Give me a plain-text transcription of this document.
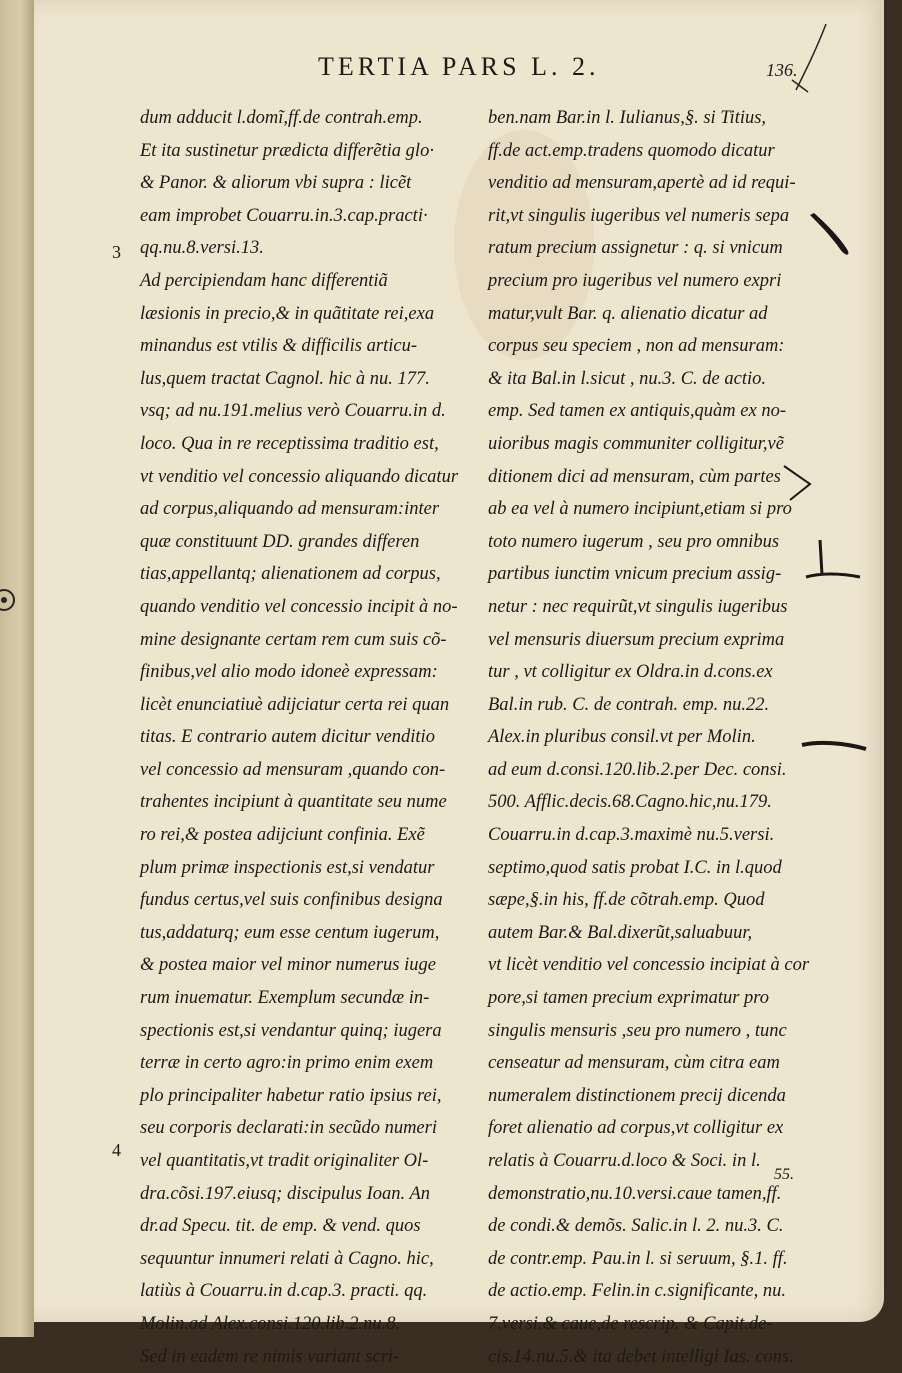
TERTIA PARS L. 2.	136.
dum adducit l.domĩ,ff.de contrah.emp.
Et ita sustinetur prædicta differẽtia glo·
& Panor. & aliorum vbi supra : licẽt
eam improbet Couarru.in.3.cap.practi·
qq.nu.8.versi.13.
Ad percipiendam hanc differentiã
læsionis in precio,& in quãtitate rei,exa
minandus est vtilis & difficilis articu-
lus,quem tractat Cagnol. hic à nu. 177.
vsq; ad nu.191.melius verò Couarru.in d.
loco. Qua in re receptissima traditio est,
vt venditio vel concessio aliquando dicatur
ad corpus,aliquando ad mensuram:inter
quæ constituunt DD. grandes differen
tias,appellantq; alienationem ad corpus,
quando venditio vel concessio incipit à no-
mine designante certam rem cum suis cõ-
finibus,vel alio modo idoneè expressam:
licèt enunciatiuè adijciatur certa rei quan
titas. E contrario autem dicitur venditio
vel concessio ad mensuram ,quando con-
trahentes incipiunt à quantitate seu nume
ro rei,& postea adijciunt confinia. Exẽ
plum primæ inspectionis est,si vendatur
fundus certus,vel suis confinibus designa
tus,addaturq; eum esse centum iugerum,
& postea maior vel minor numerus iuge
rum inuematur. Exemplum secundæ in-
spectionis est,si vendantur quinq; iugera
terræ in certo agro:in primo enim exem
plo principaliter habetur ratio ipsius rei,
seu corporis declarati:in secũdo numeri
vel quantitatis,vt tradit originaliter Ol-
dra.cõsi.197.eiusq; discipulus Ioan. An
dr.ad Specu. tit. de emp. & vend. quos
sequuntur innumeri relati à Cagno. hic,
latiùs à Couarru.in d.cap.3. practi. qq.
Molin.ad Alex.consi.120.lib.2.nu.8.
Sed in eadem re nimis variant scri-
ben.nam Bar.in l. Iulianus,§. si Titius,
ff.de act.emp.tradens quomodo dicatur
venditio ad mensuram,apertè ad id requi-
rit,vt singulis iugeribus vel numeris sepa
ratum precium assignetur : q. si vnicum
precium pro iugeribus vel numero expri
matur,vult Bar. q. alienatio dicatur ad
corpus seu speciem , non ad mensuram:
& ita Bal.in l.sicut , nu.3. C. de actio.
emp. Sed tamen ex antiquis,quàm ex no-
uioribus magis communiter colligitur,vẽ
ditionem dici ad mensuram, cùm partes
ab ea vel à numero incipiunt,etiam si pro
toto numero iugerum , seu pro omnibus
partibus iunctim vnicum precium assig-
netur : nec requirũt,vt singulis iugeribus
vel mensuris diuersum precium exprima
tur , vt colligitur ex Oldra.in d.cons.ex
Bal.in rub. C. de contrah. emp. nu.22.
Alex.in pluribus consil.vt per Molin.
ad eum d.consi.120.lib.2.per Dec. consi.
500. Afflic.decis.68.Cagno.hic,nu.179.
Couarru.in d.cap.3.maximè nu.5.versi.
septimo,quod satis probat I.C. in l.quod
sæpe,§.in his, ff.de cõtrah.emp. Quod
autem Bar.& Bal.dixerũt,saluabuur,
vt licèt venditio vel concessio incipiat à cor
pore,si tamen precium exprimatur pro
singulis mensuris ,seu pro numero , tunc
censeatur ad mensuram, cùm citra eam
numeralem distinctionem precij dicenda
foret alienatio ad corpus,vt colligitur ex
relatis à Couarru.d.loco & Soci. in l.
demonstratio,nu.10.versi.caue tamen,ff.
de condi.& demõs. Salic.in l. 2. nu.3. C.
de contr.emp. Pau.in l. si seruum, §.1. ff.
de actio.emp. Felin.in c.significante, nu.
7.versi.& caue,de rescrip. & Capit.de-
cis.14.nu.5.& ita debet intelligi Ias. cons.
3
4
55.
